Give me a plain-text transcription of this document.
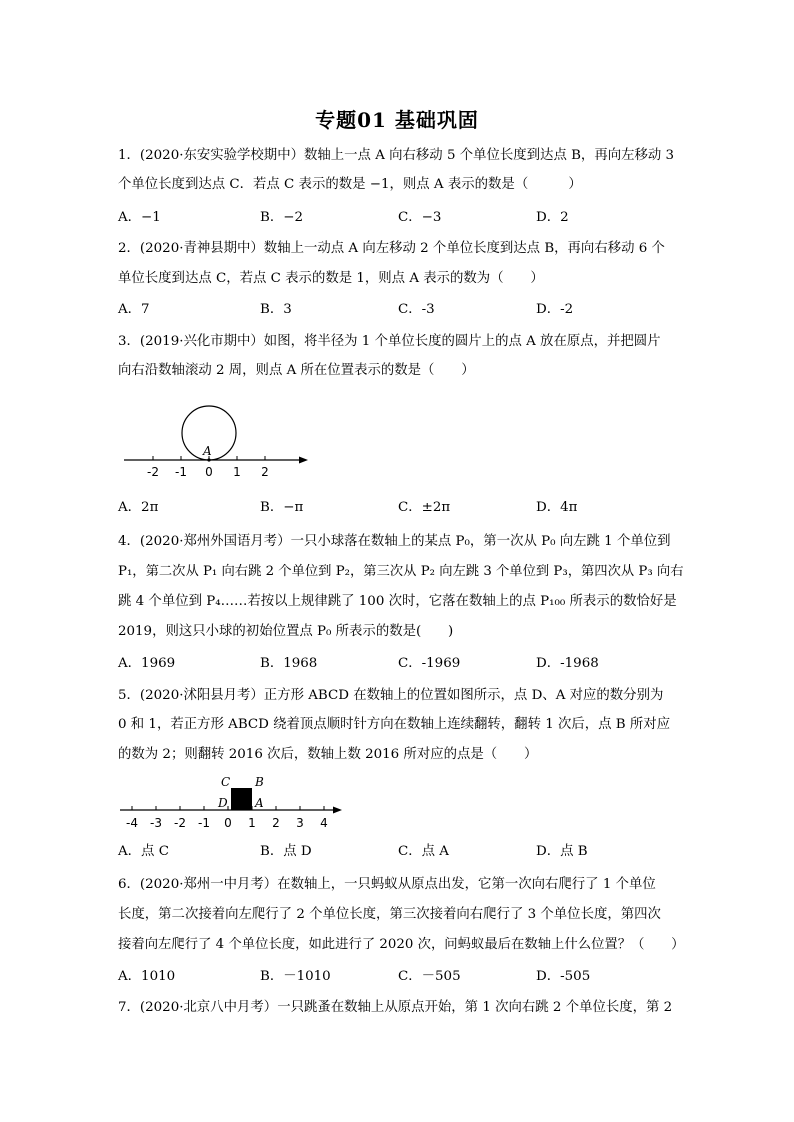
专题01 基础巩固
1．(2020·东安实验学校期中）数轴上一点 A 向右移动 5 个单位长度到达点 B，再向左移动 3
个单位长度到达点 C．若点 C 表示的数是 −1，则点 A 表示的数是（　　　）
A．−1	B．−2	C．−3	D．2
2．(2020·青神县期中）数轴上一动点 A 向左移动 2 个单位长度到达点 B，再向右移动 6 个
单位长度到达点 C，若点 C 表示的数是 1，则点 A 表示的数为（　　）
A．7	B．3	C．-3	D．-2
3．(2019·兴化市期中）如图，将半径为 1 个单位长度的圆片上的点 A 放在原点，并把圆片
向右沿数轴滚动 2 周，则点 A 所在位置表示的数是（　　）
A
-2 -1 0 1 2
A．2π	B．−π	C．±2π	D．4π
4．(2020·郑州外国语月考）一只小球落在数轴上的某点 P₀，第一次从 P₀ 向左跳 1 个单位到
P₁，第二次从 P₁ 向右跳 2 个单位到 P₂，第三次从 P₂ 向左跳 3 个单位到 P₃，第四次从 P₃ 向右
跳 4 个单位到 P₄……若按以上规律跳了 100 次时，它落在数轴上的点 P₁₀₀ 所表示的数恰好是
2019，则这只小球的初始位置点 P₀ 所表示的数是(　　)
A．1969	B．1968	C．-1969	D．-1968
5．(2020·沭阳县月考）正方形 ABCD 在数轴上的位置如图所示，点 D、A 对应的数分别为
0 和 1，若正方形 ABCD 绕着顶点顺时针方向在数轴上连续翻转，翻转 1 次后，点 B 所对应
的数为 2；则翻转 2016 次后，数轴上数 2016 所对应的点是（　　）
C B
D A
-4 -3 -2 -1 0 1 2 3 4
A．点 C	B．点 D	C．点 A	D．点 B
6．(2020·郑州一中月考）在数轴上，一只蚂蚁从原点出发，它第一次向右爬行了 1 个单位
长度，第二次接着向左爬行了 2 个单位长度，第三次接着向右爬行了 3 个单位长度，第四次
接着向左爬行了 4 个单位长度，如此进行了 2020 次，问蚂蚁最后在数轴上什么位置？（　　）
A．1010	B．－1010	C．－505	D．-505
7．(2020·北京八中月考）一只跳蚤在数轴上从原点开始，第 1 次向右跳 2 个单位长度，第 2
